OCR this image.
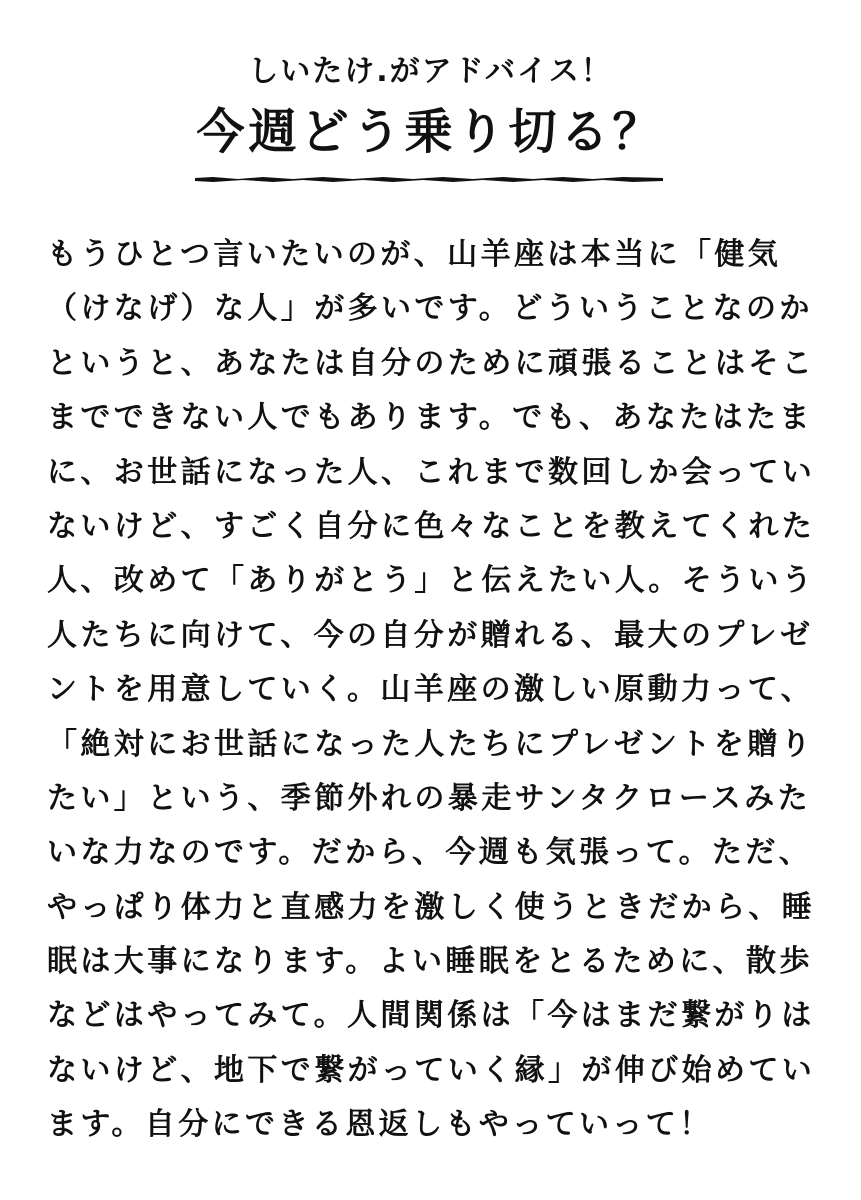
しいたけ.がアドバイス！

今週どう乗り切る？
もうひとつ言いたいのが、山羊座は本当に「健気
（けなげ）な人」が多いです。どういうことなのか
というと、あなたは自分のために頑張ることはそこ
までできない人でもあります。でも、あなたはたま
に、お世話になった人、これまで数回しか会ってい
ないけど、すごく自分に色々なことを教えてくれた
人、改めて「ありがとう」と伝えたい人。そういう
人たちに向けて、今の自分が贈れる、最大のプレゼ
ントを用意していく。山羊座の激しい原動力って、
「絶対にお世話になった人たちにプレゼントを贈り
たい」という、季節外れの暴走サンタクロースみた
いな力なのです。だから、今週も気張って。ただ、
やっぱり体力と直感力を激しく使うときだから、睡
眠は大事になります。よい睡眠をとるために、散歩
などはやってみて。人間関係は「今はまだ繋がりは
ないけど、地下で繋がっていく縁」が伸び始めてい
ます。自分にできる恩返しもやっていって！
